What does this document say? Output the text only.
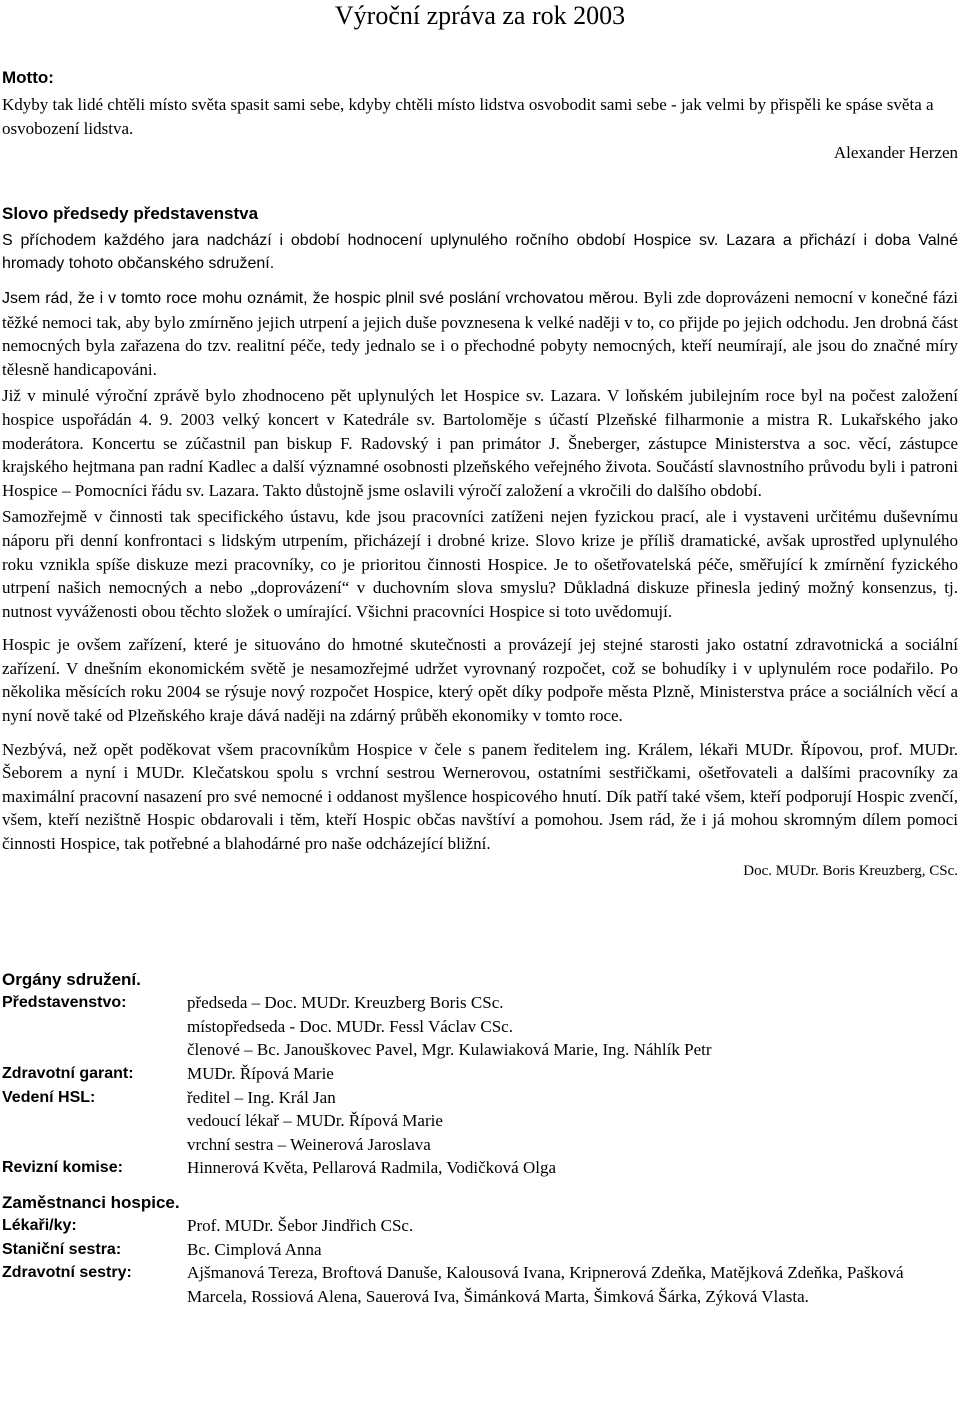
Výroční zpráva za rok 2003
Motto:

Kdyby tak lidé chtěli místo světa spasit sami sebe, kdyby chtěli místo lidstva osvobodit sami sebe - jak velmi by přispěli ke spáse světa a osvobození lidstva.

Alexander Herzen

Slovo předsedy představenstva

S příchodem každého jara nadchází i období hodnocení uplynulého ročního období Hospice sv. Lazara a přichází i doba Valné hromady tohoto občanského sdružení.

Jsem rád, že i v tomto roce mohu oznámit, že hospic plnil své poslání vrchovatou měrou. Byli zde doprovázeni nemocní v konečné fázi těžké nemoci tak, aby bylo zmírněno jejich utrpení a jejich duše povznesena k velké naději v to, co přijde po jejich odchodu. Jen drobná část nemocných byla zařazena do tzv. realitní péče, tedy jednalo se i o přechodné pobyty nemocných, kteří neumírají, ale jsou do značné míry tělesně handicapováni.

Již v minulé výroční zprávě bylo zhodnoceno pět uplynulých let Hospice sv. Lazara. V loňském jubilejním roce byl na počest založení hospice uspořádán 4. 9. 2003 velký koncert v Katedrále sv. Bartoloměje s účastí Plzeňské filharmonie a mistra R. Lukařského jako moderátora. Koncertu se zúčastnil pan biskup F. Radovský i pan primátor J. Šneberger, zástupce Ministerstva a soc. věcí, zástupce krajského hejtmana pan radní Kadlec a další významné osobnosti plzeňského veřejného života. Součástí slavnostního průvodu byli i patroni Hospice – Pomocníci řádu sv. Lazara. Takto důstojně jsme oslavili výročí založení a vkročili do dalšího období.

Samozřejmě v činnosti tak specifického ústavu, kde jsou pracovníci zatíženi nejen fyzickou prací, ale i vystaveni určitému duševnímu náporu při denní konfrontaci s lidským utrpením, přicházejí i drobné krize. Slovo krize je příliš dramatické, avšak uprostřed uplynulého roku vznikla spíše diskuze mezi pracovníky, co je prioritou činnosti Hospice. Je to ošetřovatelská péče, směřující k zmírnění fyzického utrpení našich nemocných a nebo „doprovázení“ v duchovním slova smyslu? Důkladná diskuze přinesla jediný možný konsenzus, tj. nutnost vyváženosti obou těchto složek o umírající. Všichni pracovníci Hospice si toto uvědomují.

Hospic je ovšem zařízení, které je situováno do hmotné skutečnosti a provázejí jej stejné starosti jako ostatní zdravotnická a sociální zařízení. V dnešním ekonomickém světě je nesamozřejmé udržet vyrovnaný rozpočet, což se bohudíky i v uplynulém roce podařilo. Po několika měsících roku 2004 se rýsuje nový rozpočet Hospice, který opět díky podpoře města Plzně, Ministerstva práce a sociálních věcí a nyní nově také od Plzeňského kraje dává naději na zdárný průběh ekonomiky v tomto roce.

Nezbývá, než opět poděkovat všem pracovníkům Hospice v čele s panem ředitelem ing. Králem, lékaři MUDr. Řípovou, prof. MUDr. Šeborem a nyní i MUDr. Klečatskou spolu s vrchní sestrou Wernerovou, ostatními sestřičkami, ošetřovateli a dalšími pracovníky za maximální pracovní nasazení pro své nemocné i oddanost myšlence hospicového hnutí. Dík patří také všem, kteří podporují Hospic zvenčí, všem, kteří nezištně Hospic obdarovali i těm, kteří Hospic občas navštíví a pomohou. Jsem rád, že i já mohou skromným dílem pomoci činnosti Hospice, tak potřebné a blahodárné pro naše odcházející bližní.

Doc. MUDr. Boris Kreuzberg, CSc.

Orgány sdružení.
Představenstvo:	předseda – Doc. MUDr. Kreuzberg Boris CSc.
místopředseda - Doc. MUDr. Fessl Václav CSc.
členové – Bc. Janouškovec Pavel, Mgr. Kulawiaková Marie, Ing. Náhlík Petr
Zdravotní garant:	MUDr. Řípová Marie
Vedení HSL:	ředitel – Ing. Král Jan
vedoucí lékař – MUDr. Řípová Marie
vrchní sestra – Weinerová Jaroslava
Revizní komise:	Hinnerová Květa, Pellarová Radmila, Vodičková Olga
Zaměstnanci hospice.
Lékaři/ky:	Prof. MUDr. Šebor Jindřich CSc.
Staniční sestra:	Bc. Cimplová Anna
Zdravotní sestry:	Ajšmanová Tereza, Broftová Danuše, Kalousová Ivana, Kripnerová Zdeňka, Matějková Zdeňka, Pašková Marcela, Rossiová Alena, Sauerová Iva, Šimánková Marta, Šimková Šárka, Zýková Vlasta.
